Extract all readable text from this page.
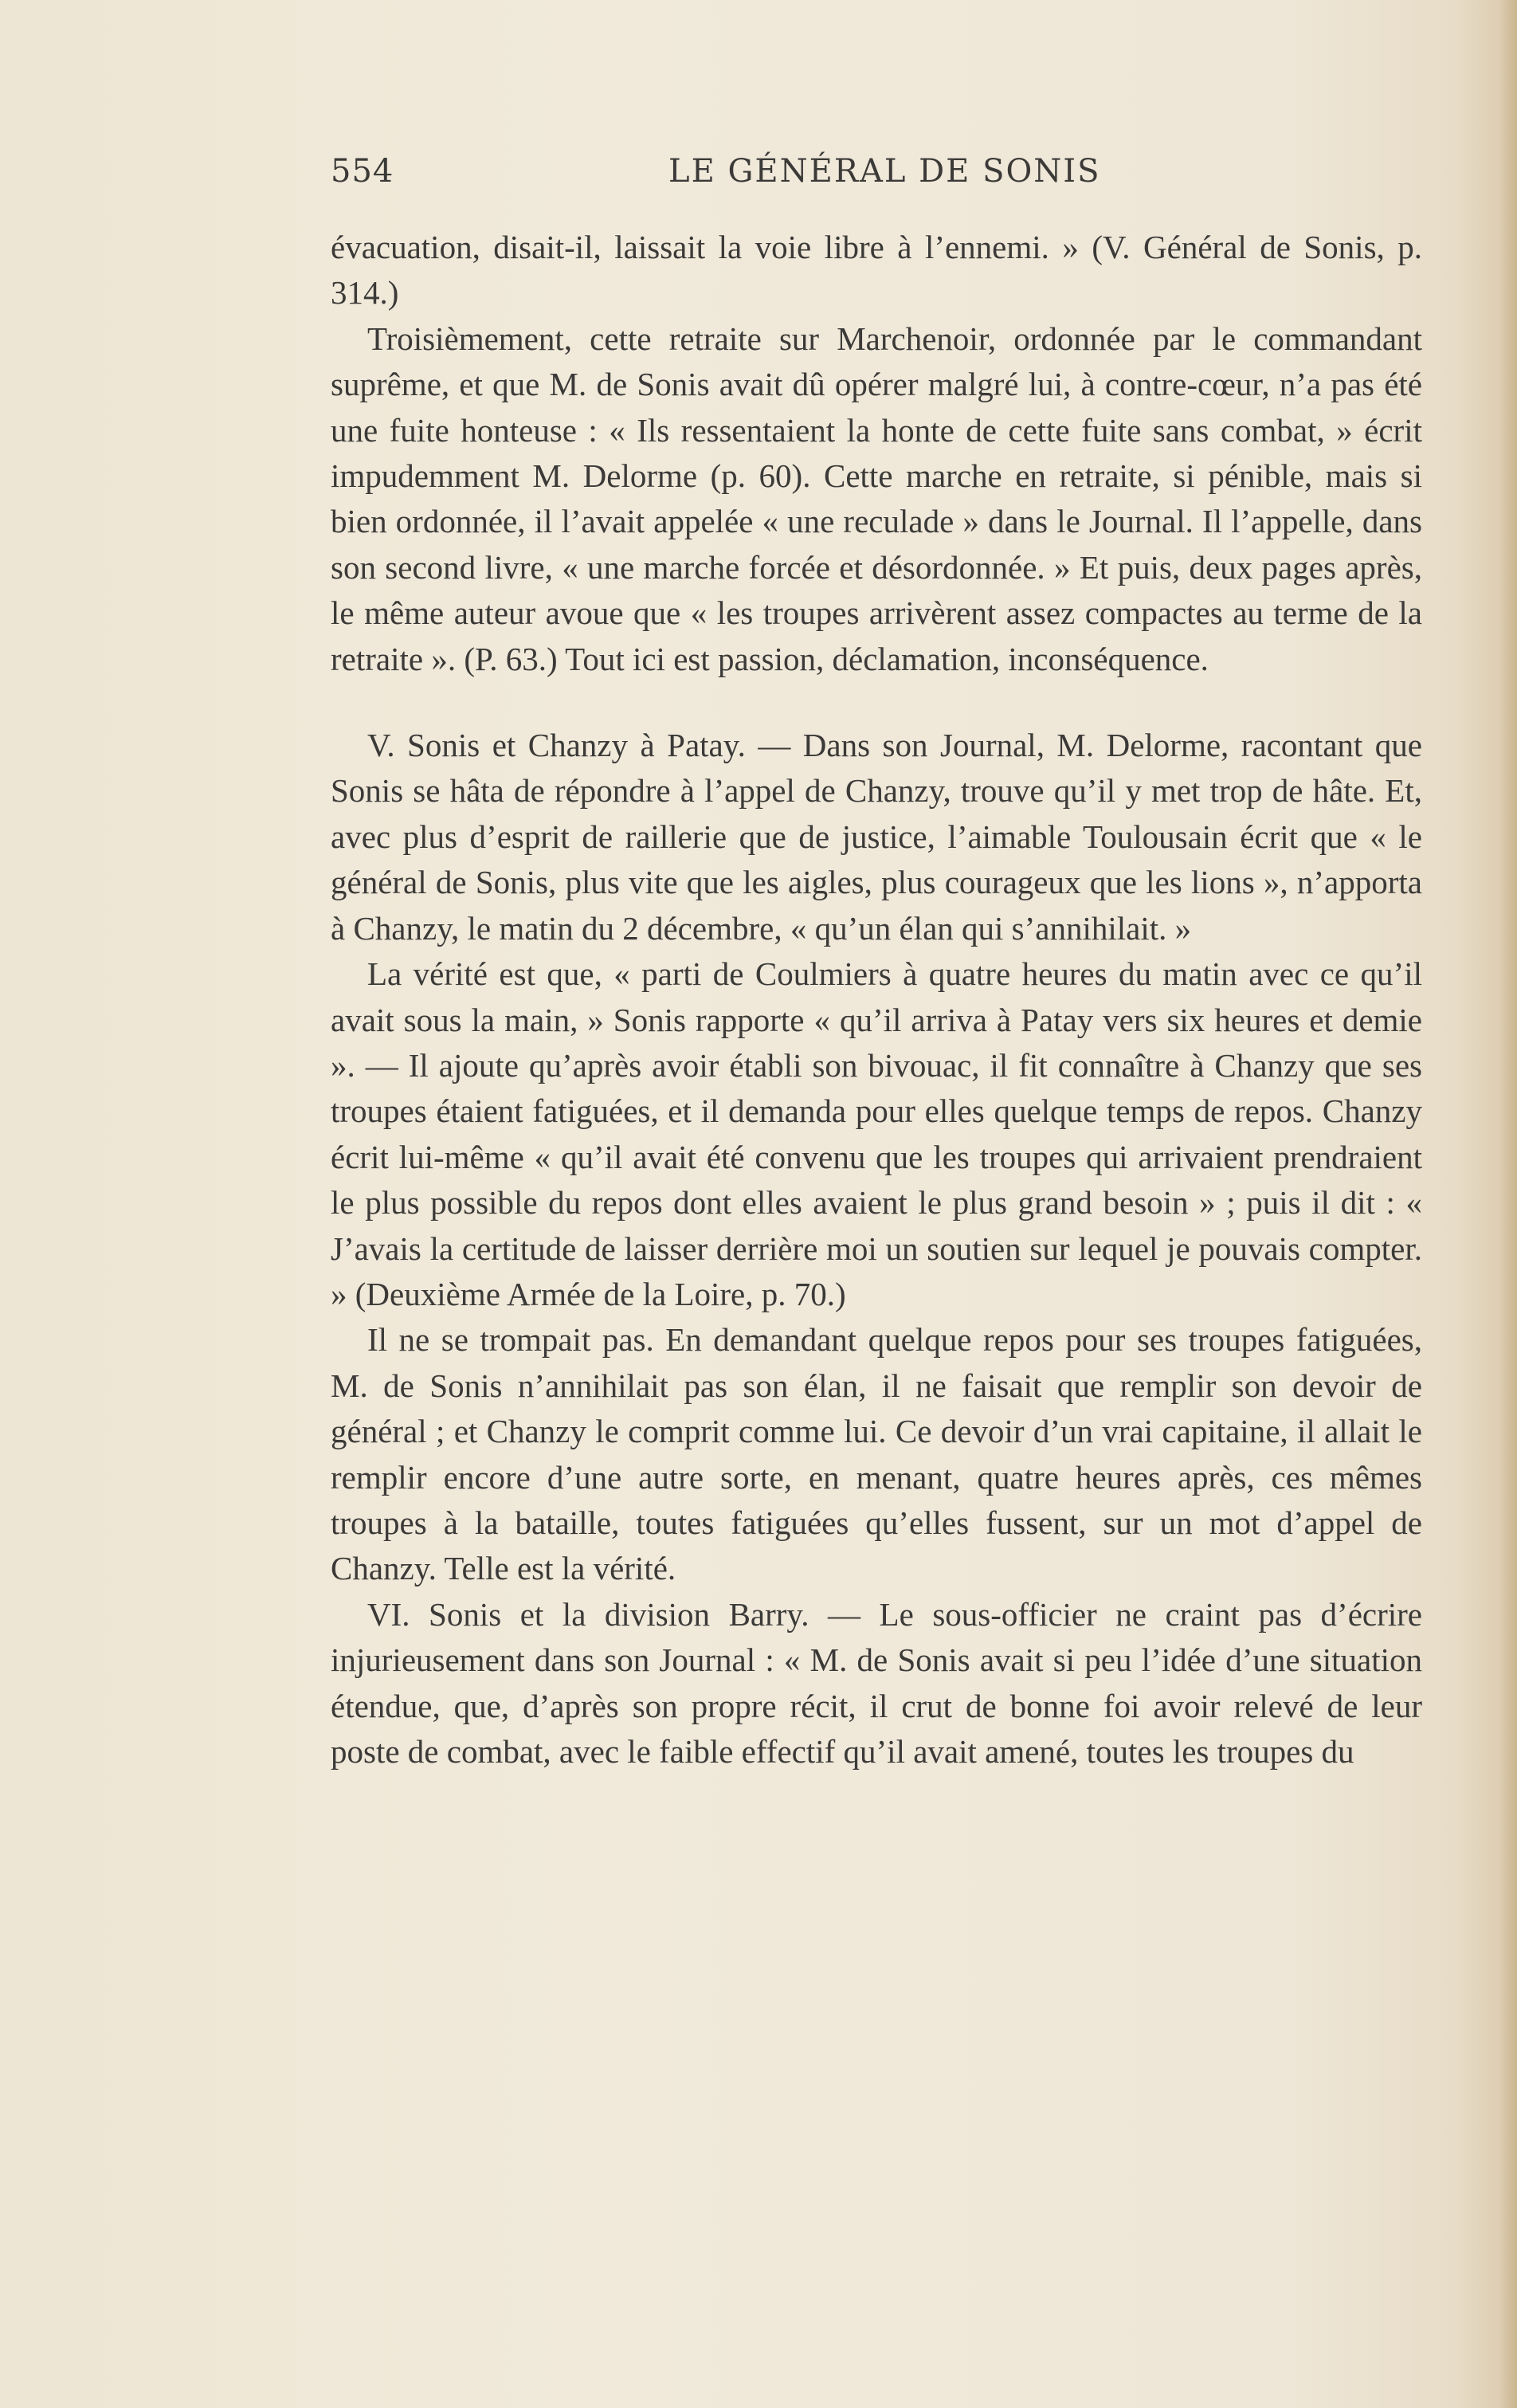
554	LE GÉNÉRAL DE SONIS

évacuation, disait-il, laissait la voie libre à l’ennemi. » (V. Général de Sonis, p. 314.)

Troisièmement, cette retraite sur Marchenoir, ordonnée par le commandant suprême, et que M. de Sonis avait dû opérer malgré lui, à contre-cœur, n’a pas été une fuite honteuse : « Ils ressentaient la honte de cette fuite sans combat, » écrit impudemment M. Delorme (p. 60). Cette marche en retraite, si pénible, mais si bien ordonnée, il l’avait appelée « une reculade » dans le Journal. Il l’appelle, dans son second livre, « une marche forcée et désordonnée. » Et puis, deux pages après, le même auteur avoue que « les troupes arrivèrent assez compactes au terme de la retraite ». (P. 63.) Tout ici est passion, déclamation, inconséquence.

V. Sonis et Chanzy à Patay. — Dans son Journal, M. Delorme, racontant que Sonis se hâta de répondre à l’appel de Chanzy, trouve qu’il y met trop de hâte. Et, avec plus d’esprit de raillerie que de justice, l’aimable Toulousain écrit que « le général de Sonis, plus vite que les aigles, plus courageux que les lions », n’apporta à Chanzy, le matin du 2 décembre, « qu’un élan qui s’annihilait. »

La vérité est que, « parti de Coulmiers à quatre heures du matin avec ce qu’il avait sous la main, » Sonis rapporte « qu’il arriva à Patay vers six heures et demie ». — Il ajoute qu’après avoir établi son bivouac, il fit connaître à Chanzy que ses troupes étaient fatiguées, et il demanda pour elles quelque temps de repos. Chanzy écrit lui-même « qu’il avait été convenu que les troupes qui arrivaient prendraient le plus possible du repos dont elles avaient le plus grand besoin » ; puis il dit : « J’avais la certitude de laisser derrière moi un soutien sur lequel je pouvais compter. » (Deuxième Armée de la Loire, p. 70.)

Il ne se trompait pas. En demandant quelque repos pour ses troupes fatiguées, M. de Sonis n’annihilait pas son élan, il ne faisait que remplir son devoir de général ; et Chanzy le comprit comme lui. Ce devoir d’un vrai capitaine, il allait le remplir encore d’une autre sorte, en menant, quatre heures après, ces mêmes troupes à la bataille, toutes fatiguées qu’elles fussent, sur un mot d’appel de Chanzy. Telle est la vérité.

VI. Sonis et la division Barry. — Le sous-officier ne craint pas d’écrire injurieusement dans son Journal : « M. de Sonis avait si peu l’idée d’une situation étendue, que, d’après son propre récit, il crut de bonne foi avoir relevé de leur poste de combat, avec le faible effectif qu’il avait amené, toutes les troupes du
